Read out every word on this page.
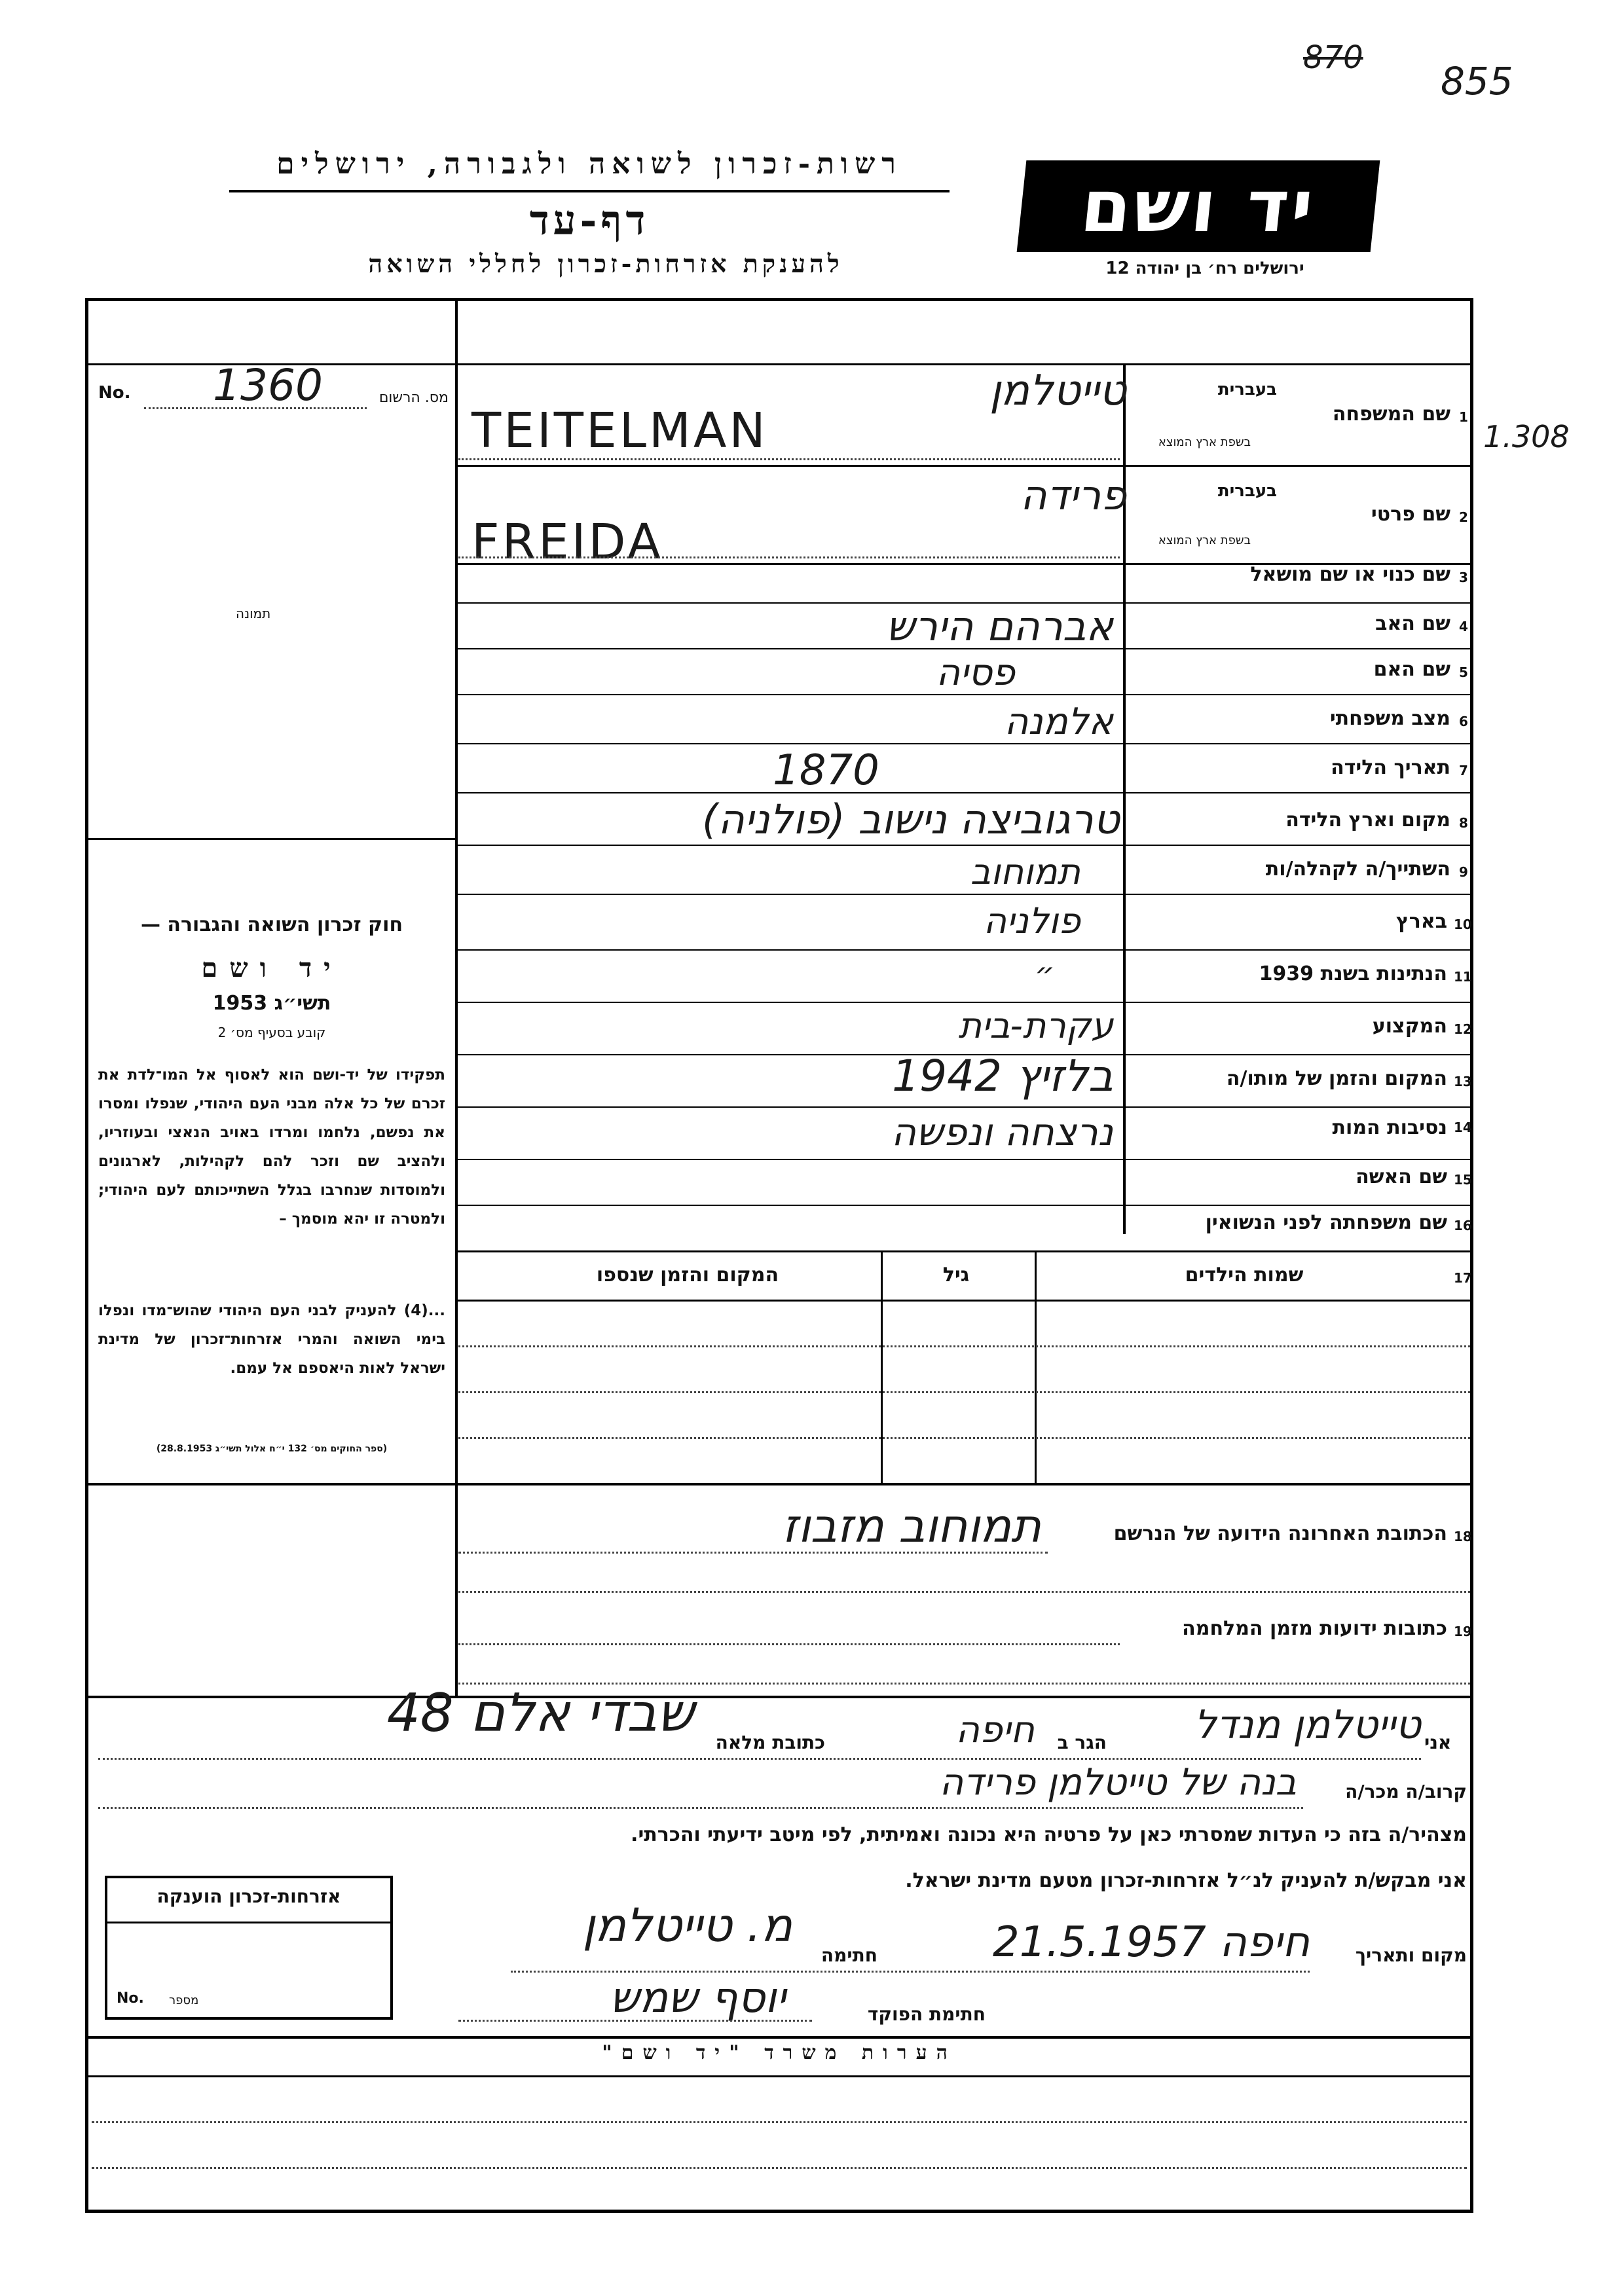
רשות-זכרון לשואה ולגבורה, ירושלים
דף-עד
להענקת אזרחות-זכרון לחללי השואה
יד ושם
ירושלים רח׳ בן יהודה 12
870
855
1.308
No. 1360	מס. הרשום
תמונה
חוק זכרון השואה והגבורה —
יד ושם
תשי״ג 1953
קובע בסעיף מס׳ 2
תפקידו של יד-ושם הוא לאסוף אל המו־לדת את זכרם של כל אלה מבני העם היהודי, שנפלו ומסרו את נפשם, נלחמו ומרדו באויב הנאצי ובעוזריו, ולהציב שם וזכר להם לקהילות, לארגונים ולמוסדות שנחרבו בגלל השתייכותם לעם היהודי; ולמטרה זו יהא מוסמך –
...(4) להעניק לבני העם היהודי שהוש־מדו ונפלו בימי השואה והמרי אזרחות־זכרון של מדינת ישראל לאות היאספם אל עמם.
(ספר החוקים מס׳ 132 י״ח אלול תשי״ג 28.8.1953)
1
שם המשפחה
בעברית
בשפת ארץ המוצא
טייטלמן
TEITELMAN
2
שם פרטי
בעברית
בשפת ארץ המוצא
פרידה
FREIDA
3
שם כנוי או שם מושאל
4
שם האב
אברהם הירש
5
שם האם
פסיה
6
מצב משפחתי
אלמנה
7
תאריך הלידה
1870
8
מקום וארץ הלידה
טרגוביצה נישוב (פולניה)
9
השתייך/ה לקהלה/ות
תמוחוב
10
בארץ
פולניה
11
הנתינות בשנת 1939
״
12
המקצוע
עקרת-בית
13
המקום והזמן של מותו/ה
בלזיץ 1942
14
נסיבות המות
נרצחה ונפשה
15
שם האשה
16
שם משפחתה לפני הנשואין
17
שמות הילדים
גיל
המקום והזמן שנספו
18
הכתובת האחרונה הידועה של הנרשם
תמוחוב מזבוז
19
כתובות ידועות מזמן המלחמה
אני
טייטלמן מנדל
הגר ב
חיפה
כתובת מלאה
שבדי אלם 48
קרוב/ה מכר/ה
בנה של טייטלמן פרידה
מצהיר/ה בזה כי העדות שמסרתי כאן על פרטיה היא נכונה ואמיתית, לפי מיטב ידיעתי והכרתי.
אני מבקש/ת להעניק לנ״ל אזרחות-זכרון מטעם מדינת ישראל.
מקום ותאריך
חיפה 21.5.1957
חתימה
מ. טייטלמן
יוסף שמש	חתימת הפוקד
אזרחות-זכרון הוענקה
No. מספר
הערות משרד "יד ושם"
